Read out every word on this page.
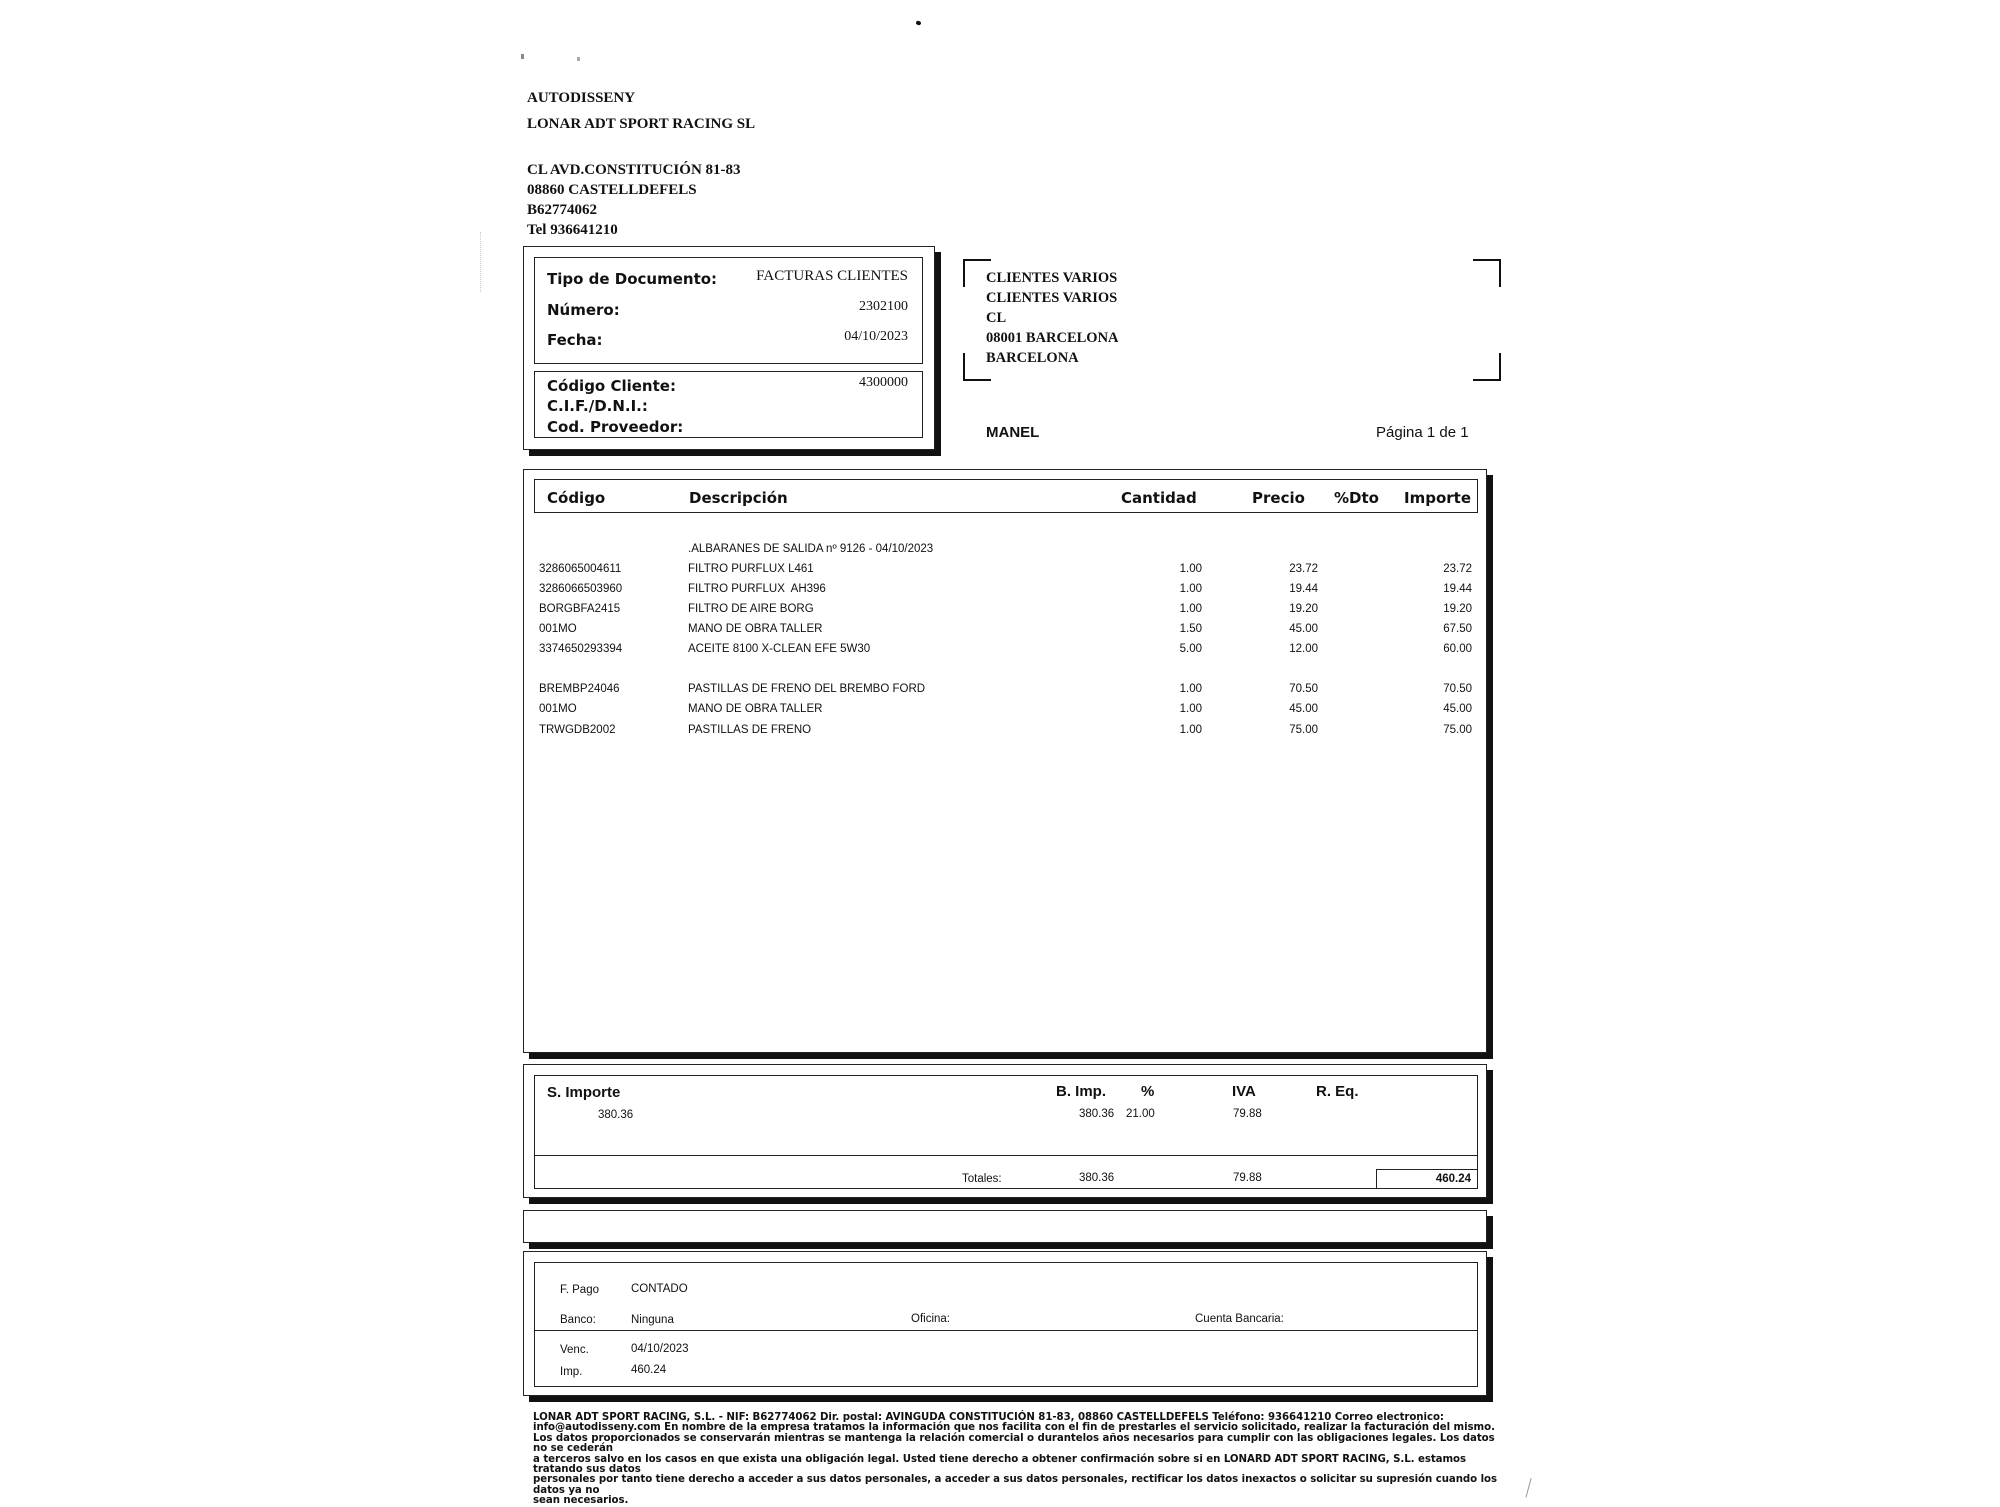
AUTODISSENY
LONAR ADT SPORT RACING SL
CL AVD.CONSTITUCIÓN 81-83
08860 CASTELLDEFELS
B62774062
Tel 936641210
Tipo de Documento:	FACTURAS CLIENTES
Número:	2302100
Fecha:	04/10/2023
Código Cliente:	4300000
C.I.F./D.N.I.:
Cod. Proveedor:
CLIENTES VARIOS
CLIENTES VARIOS
CL
08001 BARCELONA
BARCELONA
MANEL	Página 1 de 1
Código	Descripción	Cantidad	Precio %Dto Importe
.ALBARANES DE SALIDA nº 9126 - 04/10/2023
3286065004611	FILTRO PURFLUX L461	1.00	23.72	23.72
3286066503960	FILTRO PURFLUX  AH396	1.00	19.44	19.44
BORGBFA2415	FILTRO DE AIRE BORG	1.00	19.20	19.20
001MO	MANO DE OBRA TALLER	1.50	45.00	67.50
3374650293394	ACEITE 8100 X-CLEAN EFE 5W30	5.00	12.00	60.00
BREMBP24046	PASTILLAS DE FRENO DEL BREMBO FORD	1.00	70.50	70.50
001MO	MANO DE OBRA TALLER	1.00	45.00	45.00
TRWGDB2002	PASTILLAS DE FRENO	1.00	75.00	75.00
S. Importe	B. Imp. %	IVA	R. Eq.
380.36	380.36 21.00	79.88
Totales:	380.36	79.88	460.24
F. Pago	CONTADO
Banco:	Ninguna	Oficina:	Cuenta Bancaria:
Venc.	04/10/2023
Imp.	460.24
LONAR ADT SPORT RACING, S.L. - NIF: B62774062 Dir. postal: AVINGUDA CONSTITUCIÓN 81-83, 08860 CASTELLDEFELS Teléfono: 936641210 Correo electronico:
info@autodisseny.com En nombre de la empresa tratamos la información que nos facilita con el fin de prestarles el servicio solicitado, realizar la facturación del mismo.
Los datos proporcionados se conservarán mientras se mantenga la relación comercial o durantelos años necesarios para cumplir con las obligaciones legales. Los datos no se cederán
a terceros salvo en los casos en que exista una obligación legal. Usted tiene derecho a obtener confirmación sobre si en LONARD ADT SPORT RACING, S.L. estamos tratando sus datos
personales por tanto tiene derecho a acceder a sus datos personales, a acceder a sus datos personales, rectificar los datos inexactos o solicitar su supresión cuando los datos ya no
sean necesarios.
